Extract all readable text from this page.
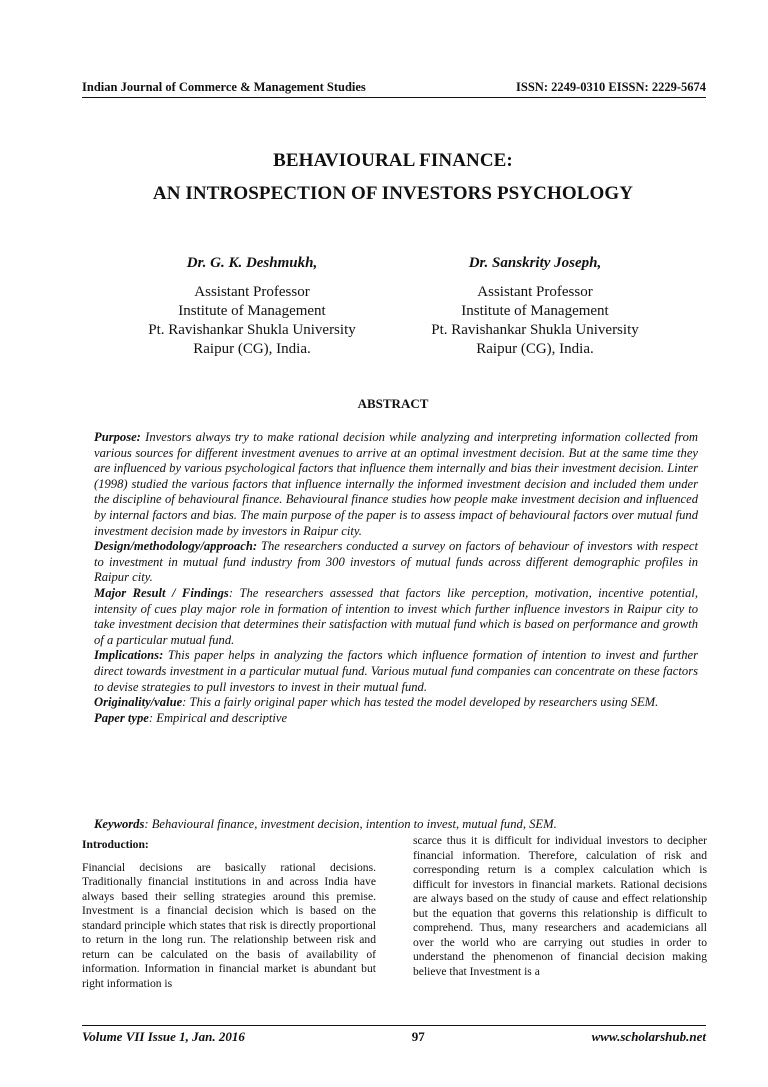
Indian Journal of Commerce & Management Studies	ISSN: 2249-0310 EISSN: 2229-5674
BEHAVIOURAL FINANCE:
AN INTROSPECTION OF INVESTORS PSYCHOLOGY
Dr. G. K. Deshmukh,
Assistant Professor
Institute of Management
Pt. Ravishankar Shukla University
Raipur (CG), India.
Dr. Sanskrity Joseph,
Assistant Professor
Institute of Management
Pt. Ravishankar Shukla University
Raipur (CG), India.
ABSTRACT

Purpose: Investors always try to make rational decision while analyzing and interpreting information collected from various sources for different investment avenues to arrive at an optimal investment decision. But at the same time they are influenced by various psychological factors that influence them internally and bias their investment decision. Linter (1998) studied the various factors that influence internally the informed investment decision and included them under the discipline of behavioural finance. Behavioural finance studies how people make investment decision and influenced by internal factors and bias. The main purpose of the paper is to assess impact of behavioural factors over mutual fund investment decision made by investors in Raipur city.

Design/methodology/approach: The researchers conducted a survey on factors of behaviour of investors with respect to investment in mutual fund industry from 300 investors of mutual funds across different demographic profiles in Raipur city.

Major Result / Findings: The researchers assessed that factors like perception, motivation, incentive potential, intensity of cues play major role in formation of intention to invest which further influence investors in Raipur city to take investment decision that determines their satisfaction with mutual fund which is based on performance and growth of a particular mutual fund.

Implications: This paper helps in analyzing the factors which influence formation of intention to invest and further direct towards investment in a particular mutual fund. Various mutual fund companies can concentrate on these factors to devise strategies to pull investors to invest in their mutual fund.

Originality/value: This a fairly original paper which has tested the model developed by researchers using SEM.

Paper type: Empirical and descriptive

Keywords: Behavioural finance, investment decision, intention to invest, mutual fund, SEM.
Introduction:

Financial decisions are basically rational decisions. Traditionally financial institutions in and across India have always based their selling strategies around this premise. Investment is a financial decision which is based on the standard principle which states that risk is directly proportional to return in the long run. The relationship between risk and return can be calculated on the basis of availability of information. Information in financial market is abundant but right information is

scarce thus it is difficult for individual investors to decipher financial information. Therefore, calculation of risk and corresponding return is a complex calculation which is difficult for investors in financial markets. Rational decisions are always based on the study of cause and effect relationship but the equation that governs this relationship is difficult to comprehend. Thus, many researchers and academicians all over the world who are carrying out studies in order to understand the phenomenon of financial decision making believe that Investment is a

Volume VII Issue 1, Jan. 2016	97	www.scholarshub.net
